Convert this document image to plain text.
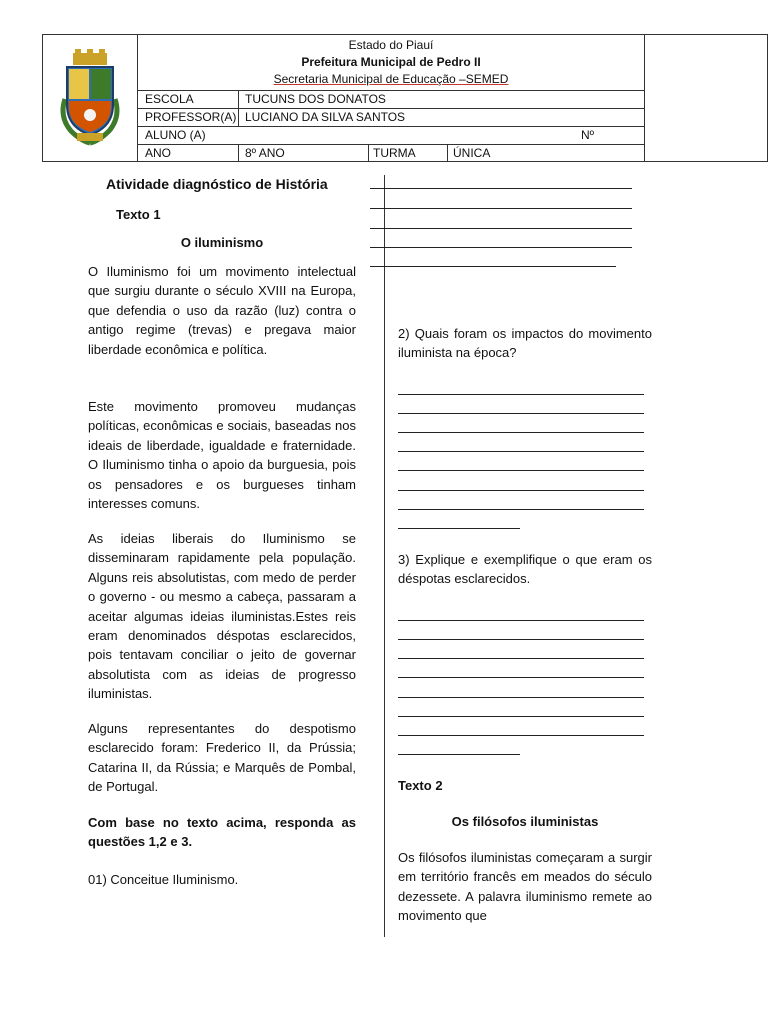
Estado do Piauí
Prefeitura Municipal de Pedro II
Secretaria Municipal de Educação –SEMED
ESCOLA	TUCUNS DOS DONATOS
PROFESSOR(A) LUCIANO DA SILVA SANTOS
ALUNO (A)	Nº
ANO	8º ANO	TURMA	ÚNICA
Atividade diagnóstico de História
Texto 1
O iluminismo
O Iluminismo foi um movimento intelectual que surgiu durante o século XVIII na Europa, que defendia o uso da razão (luz) contra o antigo regime (trevas) e pregava maior liberdade econômica e política.
Este movimento promoveu mudanças políticas, econômicas e sociais, baseadas nos ideais de liberdade, igualdade e fraternidade. O Iluminismo tinha o apoio da burguesia, pois os pensadores e os burgueses tinham interesses comuns.
As ideias liberais do Iluminismo se disseminaram rapidamente pela população. Alguns reis absolutistas, com medo de perder o governo - ou mesmo a cabeça, passaram a aceitar algumas ideias iluministas.Estes reis eram denominados déspotas esclarecidos, pois tentavam conciliar o jeito de governar absolutista com as ideias de progresso iluministas.
Alguns representantes do despotismo esclarecido foram: Frederico II, da Prússia; Catarina II, da Rússia; e Marquês de Pombal, de Portugal.
Com base no texto acima, responda as questões 1,2 e 3.
01) Conceitue Iluminismo.
2) Quais foram os impactos do movimento iluminista na época?
3) Explique e exemplifique o que eram os déspotas esclarecidos.
Texto 2
Os filósofos iluministas
Os filósofos iluministas começaram a surgir em território francês em meados do século dezessete. A palavra iluminismo remete ao movimento que
